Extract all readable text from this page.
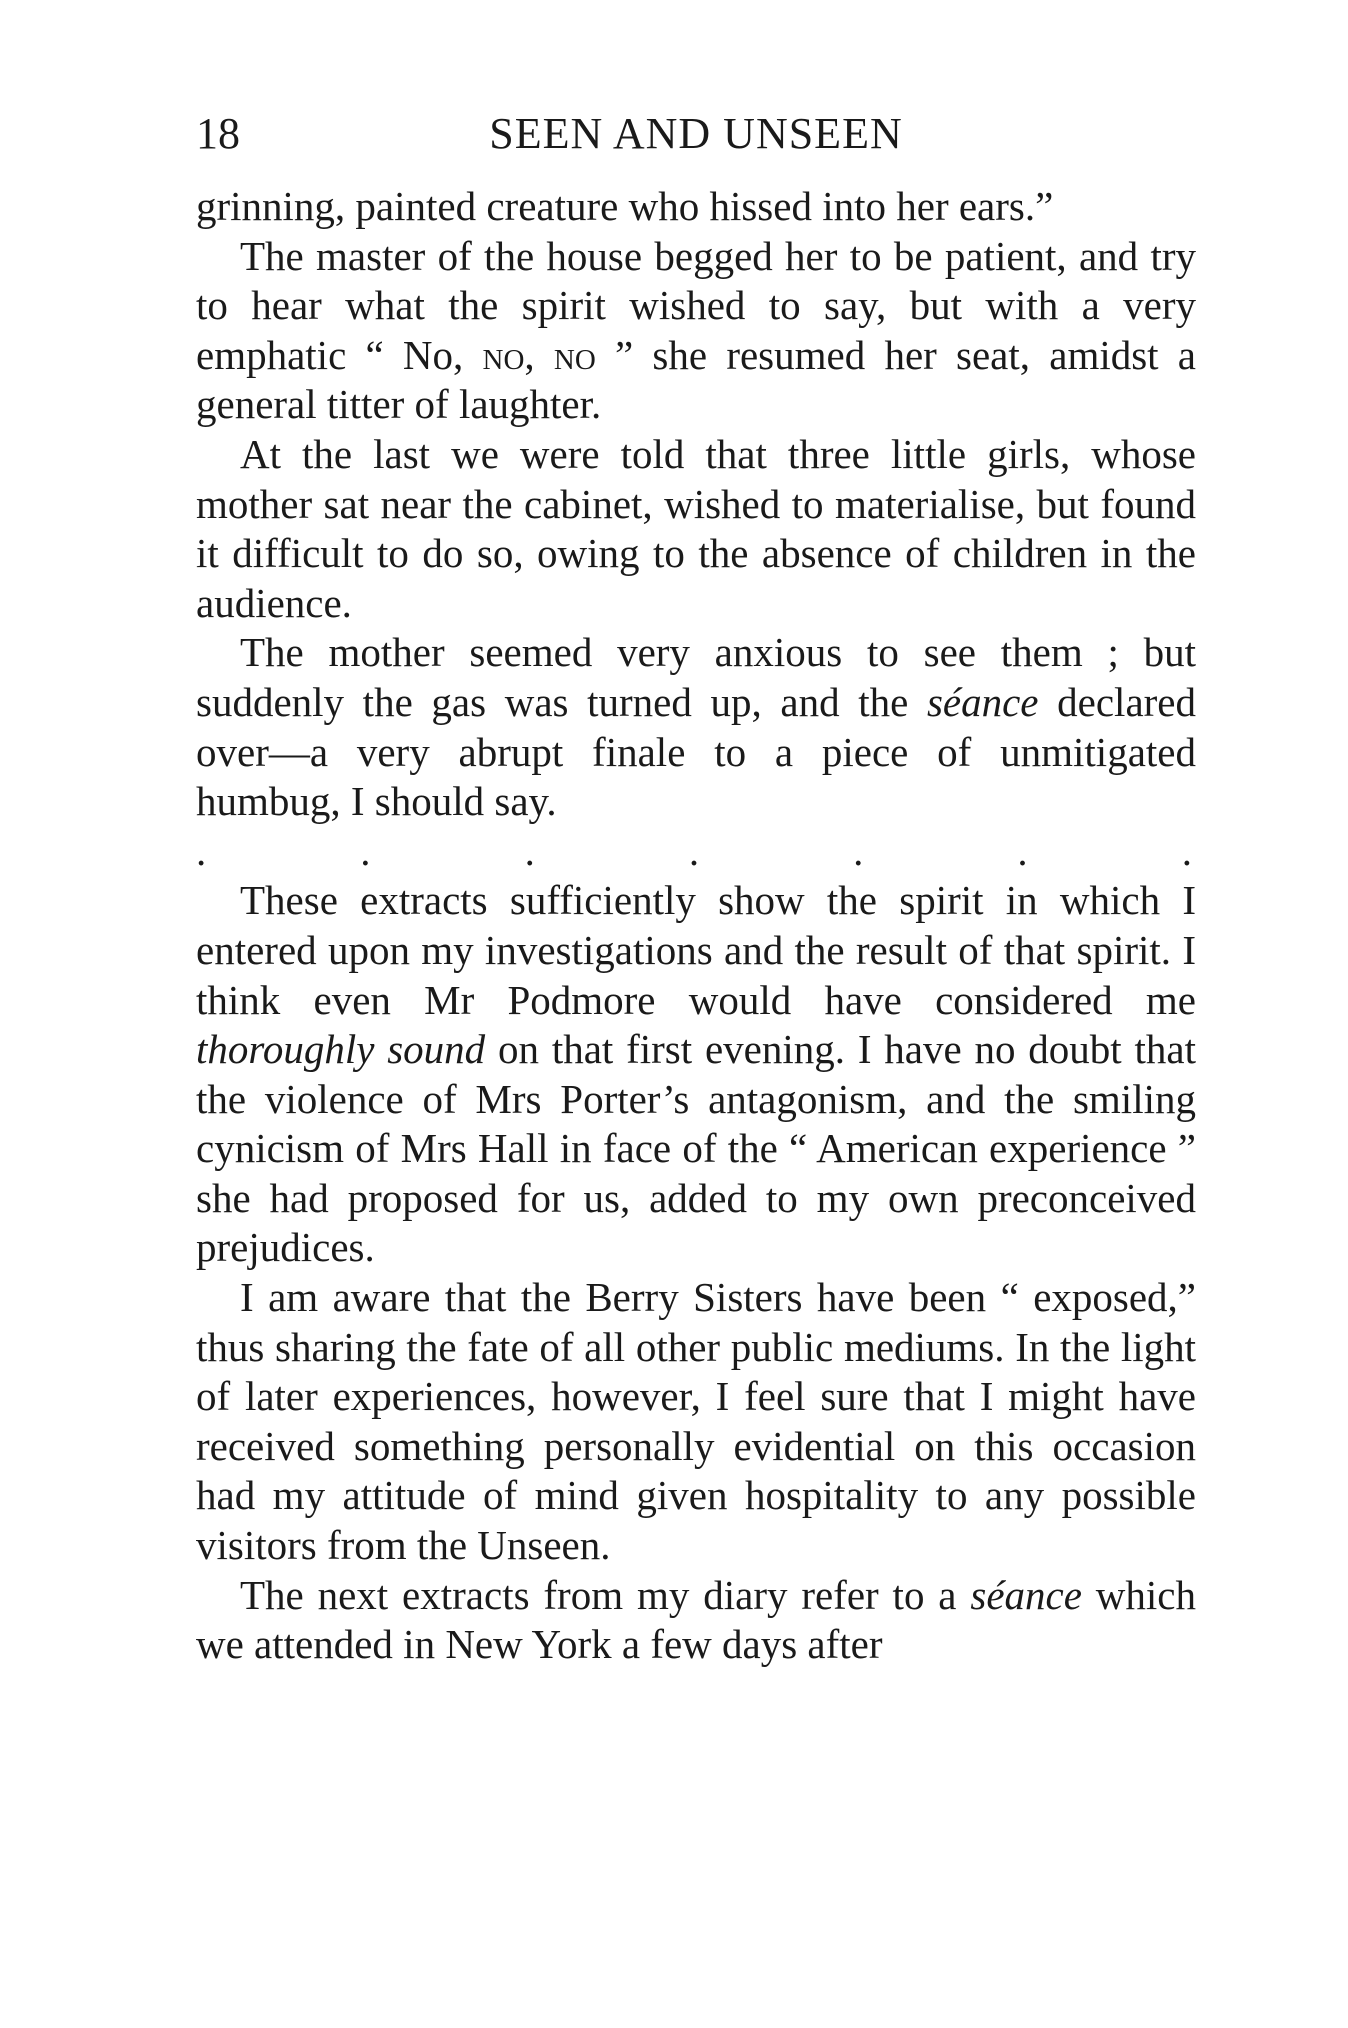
18	SEEN AND UNSEEN

grinning, painted creature who hissed into her ears.”

The master of the house begged her to be patient, and try to hear what the spirit wished to say, but with a very emphatic “ No, no, no ” she resumed her seat, amidst a general titter of laughter.

At the last we were told that three little girls, whose mother sat near the cabinet, wished to materialise, but found it difficult to do so, owing to the absence of children in the audience.

The mother seemed very anxious to see them ; but suddenly the gas was turned up, and the séance declared over—a very abrupt finale to a piece of unmitigated humbug, I should say.

.	.	.	.	.	.	.

These extracts sufficiently show the spirit in which I entered upon my investigations and the result of that spirit. I think even Mr Podmore would have considered me thoroughly sound on that first evening. I have no doubt that the violence of Mrs Porter’s antagonism, and the smiling cynicism of Mrs Hall in face of the “ American experience ” she had proposed for us, added to my own preconceived prejudices.

I am aware that the Berry Sisters have been “ exposed,” thus sharing the fate of all other public mediums. In the light of later experiences, however, I feel sure that I might have received something personally evidential on this occasion had my attitude of mind given hospitality to any possible visitors from the Unseen.

The next extracts from my diary refer to a séance which we attended in New York a few days after
